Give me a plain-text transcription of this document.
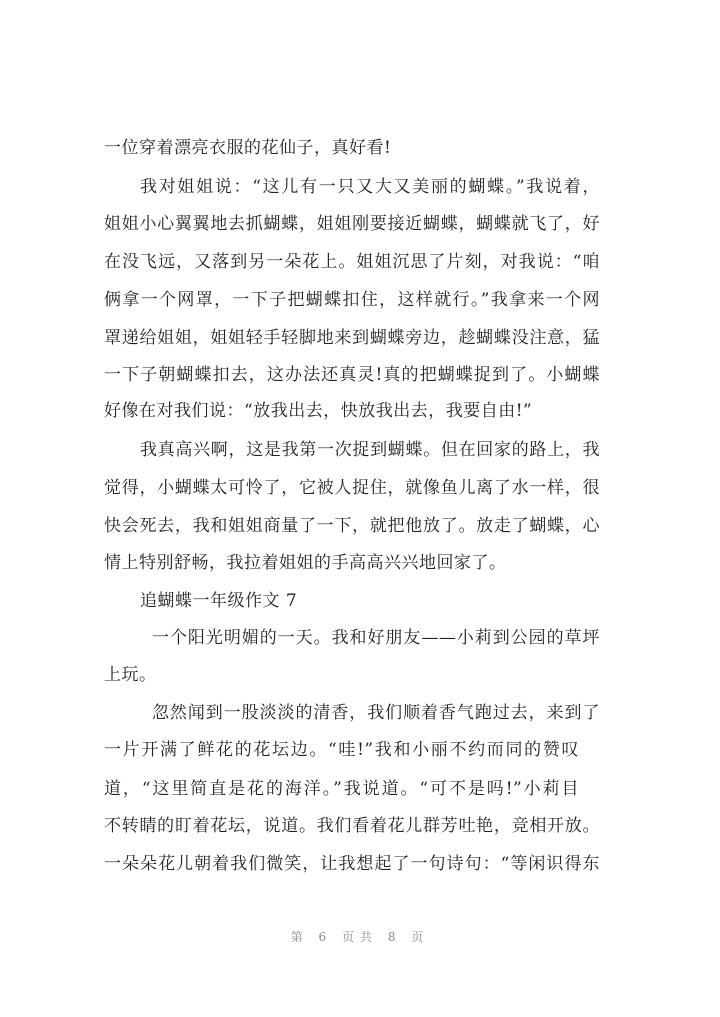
一位穿着漂亮衣服的花仙子，真好看!
我对姐姐说：“这儿有一只又大又美丽的蝴蝶。”我说着，
姐姐小心翼翼地去抓蝴蝶，姐姐刚要接近蝴蝶，蝴蝶就飞了，好
在没飞远，又落到另一朵花上。姐姐沉思了片刻，对我说：“咱
俩拿一个网罩，一下子把蝴蝶扣住，这样就行。”我拿来一个网
罩递给姐姐，姐姐轻手轻脚地来到蝴蝶旁边，趁蝴蝶没注意，猛
一下子朝蝴蝶扣去，这办法还真灵!真的把蝴蝶捉到了。小蝴蝶
好像在对我们说：“放我出去，快放我出去，我要自由!”
我真高兴啊，这是我第一次捉到蝴蝶。但在回家的路上，我
觉得，小蝴蝶太可怜了，它被人捉住，就像鱼儿离了水一样，很
快会死去，我和姐姐商量了一下，就把他放了。放走了蝴蝶，心
情上特别舒畅，我拉着姐姐的手高高兴兴地回家了。
追蝴蝶一年级作文 7
一个阳光明媚的一天。我和好朋友——小莉到公园的草坪
上玩。
忽然闻到一股淡淡的清香，我们顺着香气跑过去，来到了
一片开满了鲜花的花坛边。“哇!”我和小丽不约而同的赞叹
道，“这里简直是花的海洋。”我说道。“可不是吗!”小莉目
不转睛的盯着花坛，说道。我们看着花儿群芳吐艳，竞相开放。
一朵朵花儿朝着我们微笑，让我想起了一句诗句：“等闲识得东
第 6 页共 8 页
